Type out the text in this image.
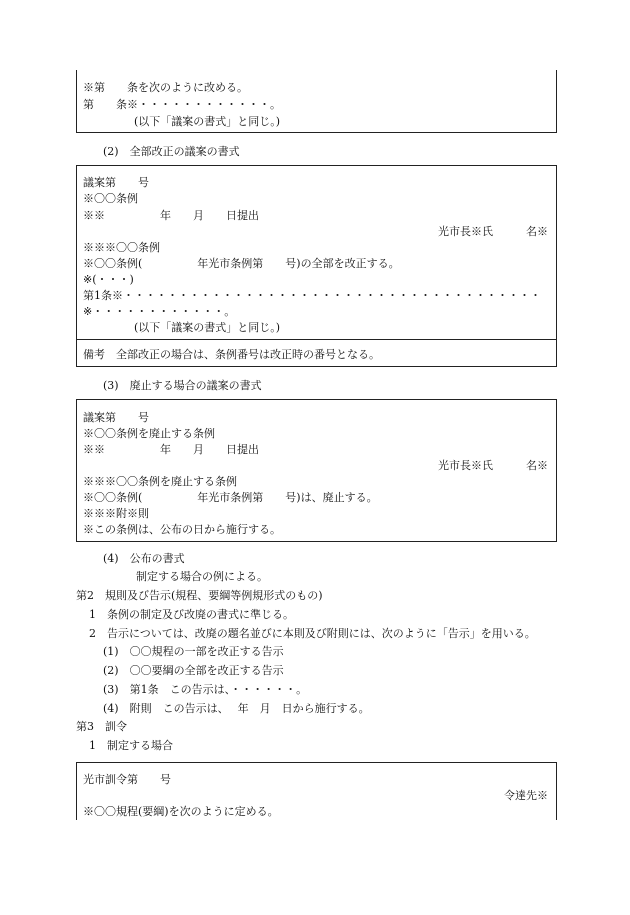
※第　　条を次のように改める。
第　　条※・・・・・・・・・・・・。
(以下「議案の書式」と同じ。)
(2)　全部改正の議案の書式
議案第　　号
※〇〇条例
※※　　　　　年　　月　　日提出
光市長※氏　　　名※
※※※〇〇条例
※〇〇条例(　　　　　年光市条例第　　号)の全部を改正する。
※(・・・)
第1条※・・・・・・・・・・・・・・・・・・・・・・・・・・・・・・・・・・・・・・
※・・・・・・・・・・・・。
(以下「議案の書式」と同じ。)
備考　全部改正の場合は、条例番号は改正時の番号となる。
(3)　廃止する場合の議案の書式
議案第　　号
※〇〇条例を廃止する条例
※※　　　　　年　　月　　日提出
光市長※氏　　　名※
※※※〇〇条例を廃止する条例
※〇〇条例(　　　　　年光市条例第　　号)は、廃止する。
※※※附※則
※この条例は、公布の日から施行する。
(4)　公布の書式
制定する場合の例による。
第2　規則及び告示(規程、要綱等例規形式のもの)
1　条例の制定及び改廃の書式に準じる。
2　告示については、改廃の題名並びに本則及び附則には、次のように「告示」を用いる。
(1)　〇〇規程の一部を改正する告示
(2)　〇〇要綱の全部を改正する告示
(3)　第1条　この告示は、・・・・・・。
(4)　附則　この告示は、　 年　月　日から施行する。
第3　訓令
1　制定する場合
光市訓令第　　号
令達先※
※〇〇規程(要綱)を次のように定める。
